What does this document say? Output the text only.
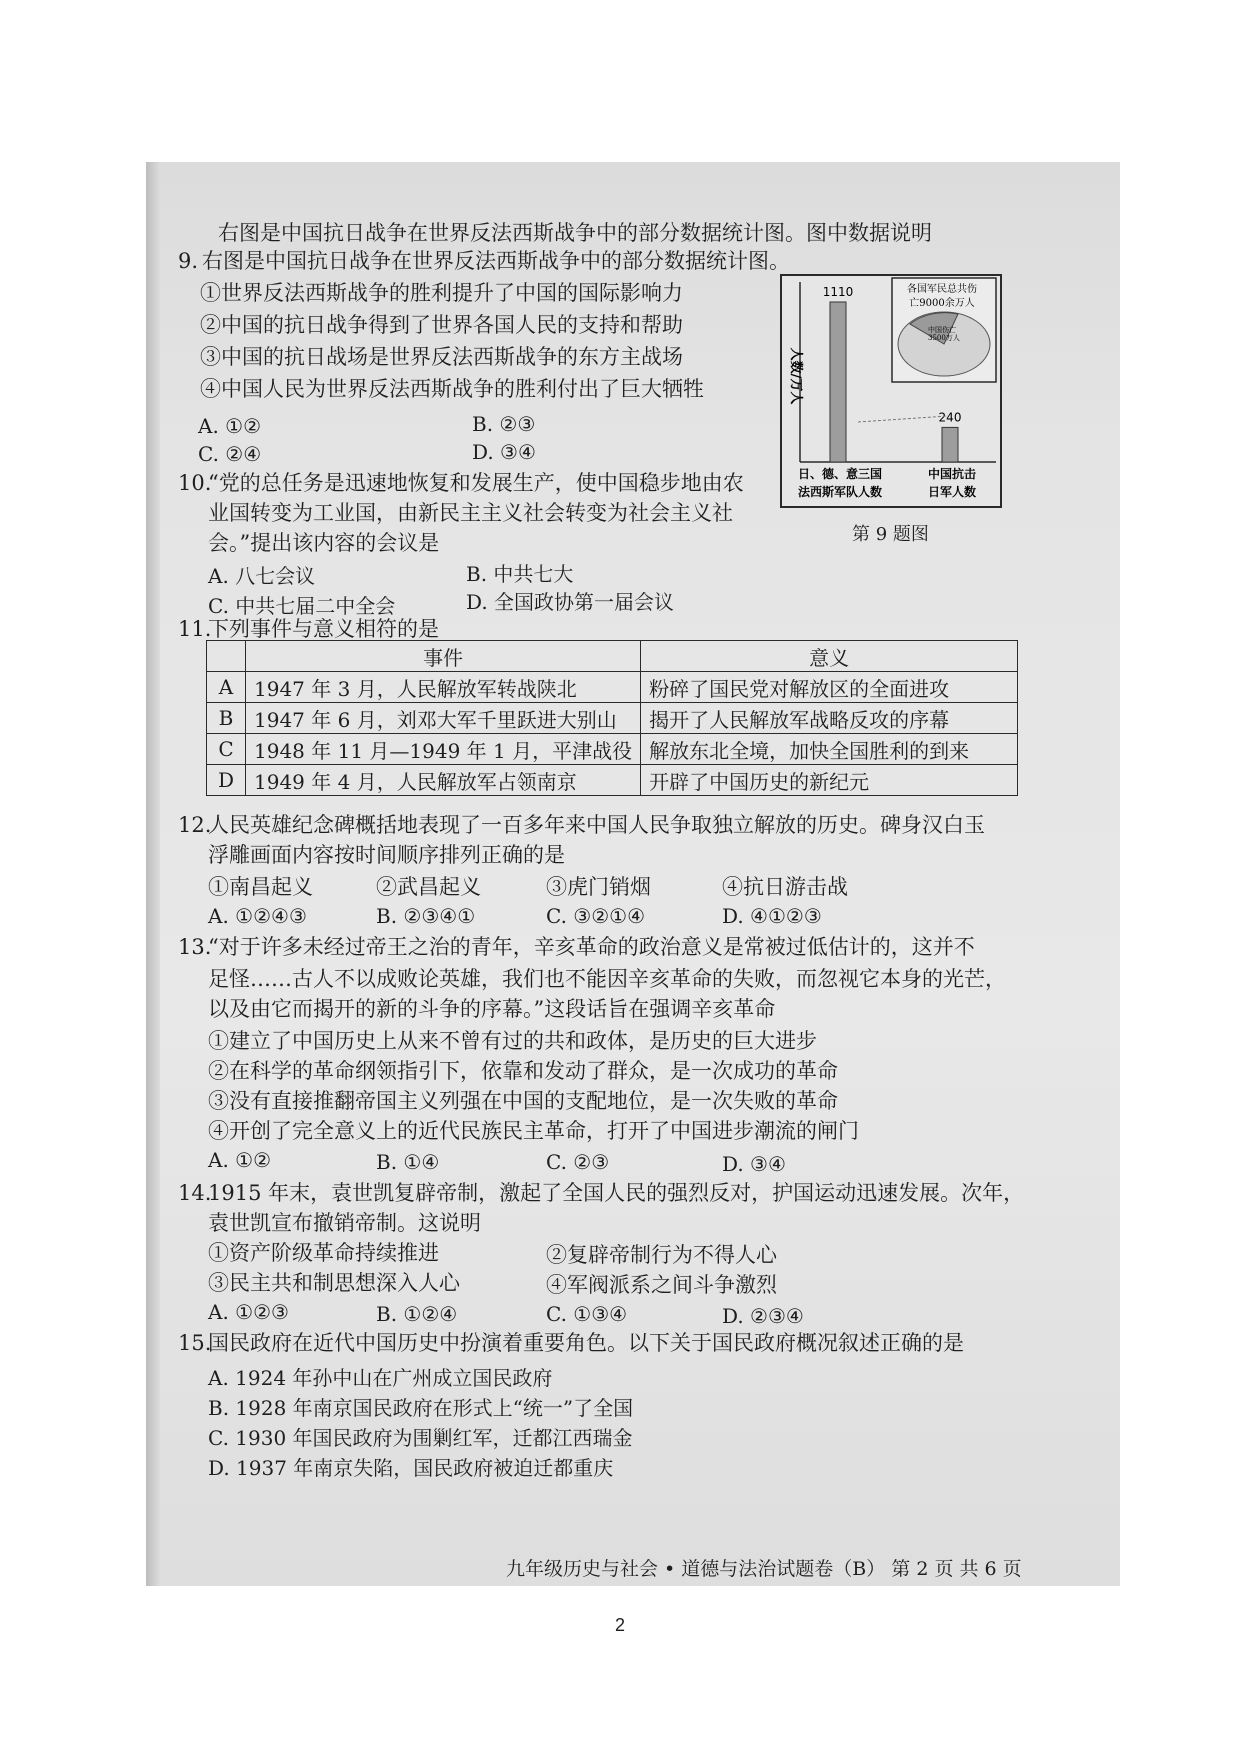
右图是中国抗日战争在世界反法西斯战争中的部分数据统计图。图中数据说明
9. 右图是中国抗日战争在世界反法西斯战争中的部分数据统计图。
①世界反法西斯战争的胜利提升了中国的国际影响力
②中国的抗日战争得到了世界各国人民的支持和帮助
③中国的抗日战场是世界反法西斯战争的东方主战场
④中国人民为世界反法西斯战争的胜利付出了巨大牺牲
A. ①②	B. ②③
C. ②④	D. ③④
各国军民总共伤
亡9000余万人
中国伤亡
3500万人
人数/万人
1110
240
日、德、意三国
法西斯军队人数
中国抗击
日军人数
第 9 题图
10.
“党的总任务是迅速地恢复和发展生产，使中国稳步地由农
业国转变为工业国，由新民主主义社会转变为社会主义社
会。”提出该内容的会议是
A. 八七会议	B. 中共七大
C. 中共七届二中全会	D. 全国政协第一届会议
11.
下列事件与意义相符的是
	事件	意义
A	1947 年 3 月，人民解放军转战陕北	粉碎了国民党对解放区的全面进攻
B	1947 年 6 月，刘邓大军千里跃进大别山	揭开了人民解放军战略反攻的序幕
C	1948 年 11 月—1949 年 1 月，平津战役	解放东北全境，加快全国胜利的到来
D	1949 年 4 月，人民解放军占领南京	开辟了中国历史的新纪元
12.
人民英雄纪念碑概括地表现了一百多年来中国人民争取独立解放的历史。碑身汉白玉
浮雕画面内容按时间顺序排列正确的是
①南昌起义	②武昌起义	③虎门销烟	④抗日游击战
A. ①②④③	B. ②③④①	C. ③②①④	D. ④①②③
13.
“对于许多未经过帝王之治的青年，辛亥革命的政治意义是常被过低估计的，这并不
足怪……古人不以成败论英雄，我们也不能因辛亥革命的失败，而忽视它本身的光芒，
以及由它而揭开的新的斗争的序幕。”这段话旨在强调辛亥革命
①建立了中国历史上从来不曾有过的共和政体，是历史的巨大进步
②在科学的革命纲领指引下，依靠和发动了群众，是一次成功的革命
③没有直接推翻帝国主义列强在中国的支配地位，是一次失败的革命
④开创了完全意义上的近代民族民主革命，打开了中国进步潮流的闸门
A. ①②	B. ①④	C. ②③	D. ③④
14.
1915 年末，袁世凯复辟帝制，激起了全国人民的强烈反对，护国运动迅速发展。次年，
袁世凯宣布撤销帝制。这说明
①资产阶级革命持续推进	②复辟帝制行为不得人心
③民主共和制思想深入人心	④军阀派系之间斗争激烈
A. ①②③	B. ①②④	C. ①③④	D. ②③④
15.
国民政府在近代中国历史中扮演着重要角色。以下关于国民政府概况叙述正确的是
A. 1924 年孙中山在广州成立国民政府
B. 1928 年南京国民政府在形式上“统一”了全国
C. 1930 年国民政府为围剿红军，迁都江西瑞金
D. 1937 年南京失陷，国民政府被迫迁都重庆
九年级历史与社会 • 道德与法治试题卷（B） 第 2 页 共 6 页
2
